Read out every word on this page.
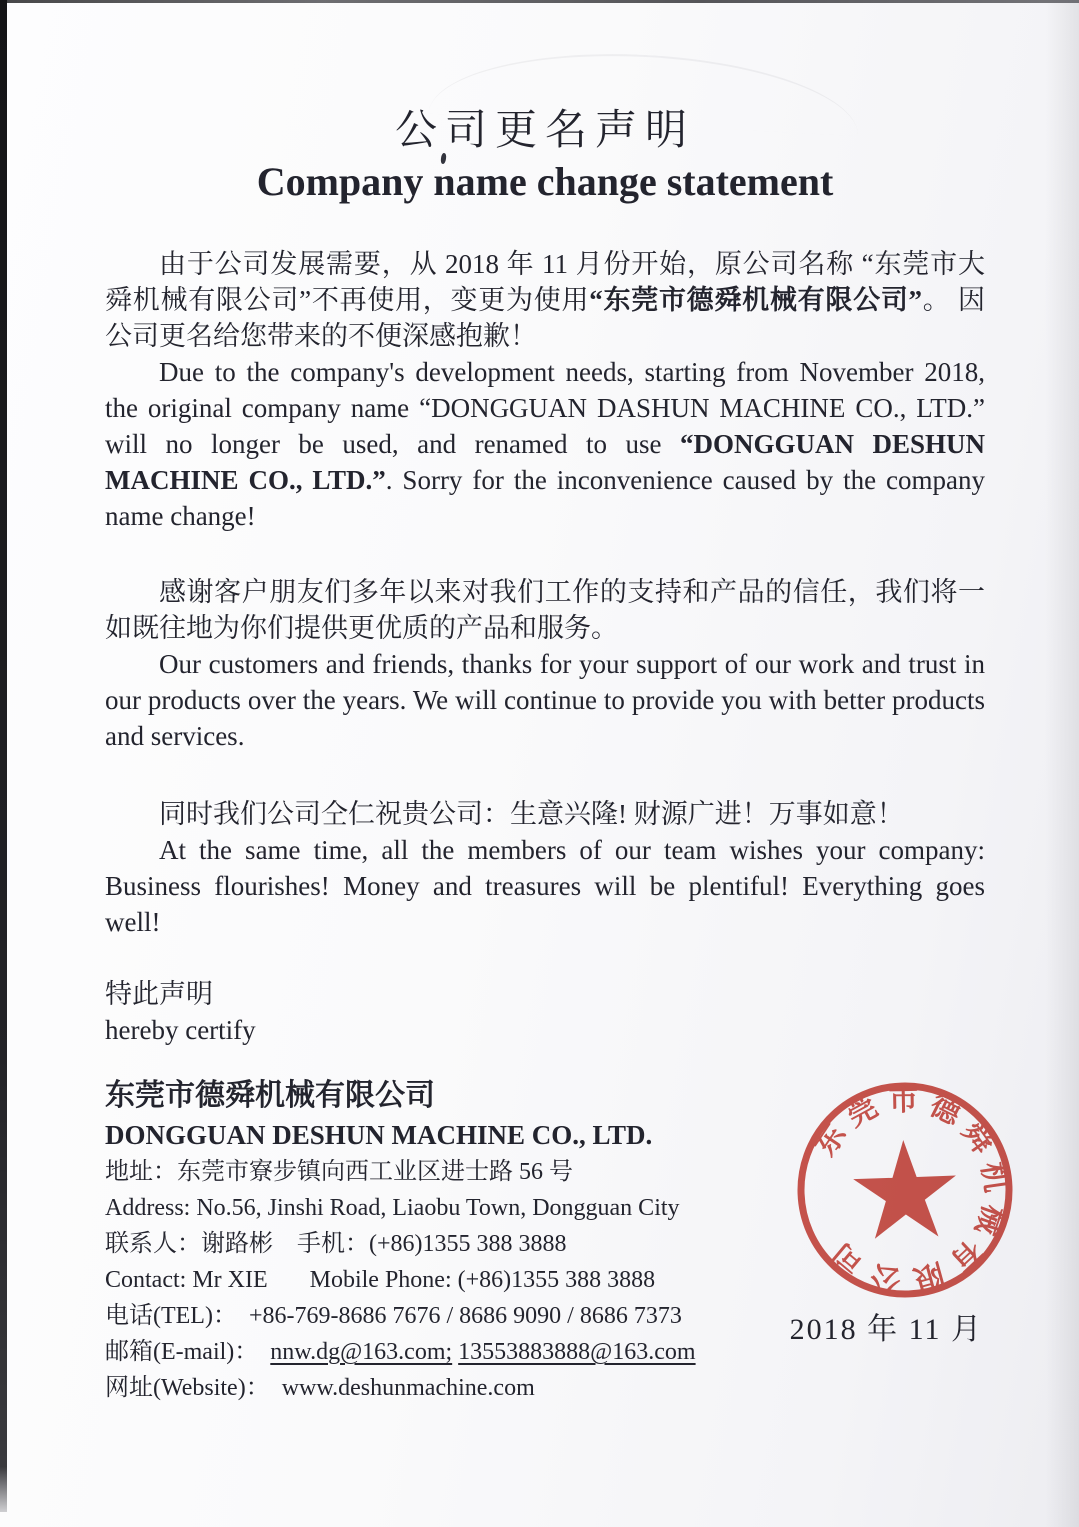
公司更名声明
Company name change statement

由于公司发展需要，从 2018 年 11 月份开始，原公司名称 “东莞市大舜机械有限公司”不再使用，变更为使用“东莞市德舜机械有限公司”。 因公司更名给您带来的不便深感抱歉！

Due to the company's development needs, starting from November 2018, the original company name “DONGGUAN DASHUN MACHINE CO., LTD.” will no longer be used, and renamed to use “DONGGUAN DESHUN MACHINE CO., LTD.”. Sorry for the inconvenience caused by the company name change!

感谢客户朋友们多年以来对我们工作的支持和产品的信任，我们将一如既往地为你们提供更优质的产品和服务。

Our customers and friends, thanks for your support of our work and trust in our products over the years. We will continue to provide you with better products and services.

同时我们公司仝仁祝贵公司：生意兴隆! 财源广进！万事如意！

At the same time, all the members of our team wishes your company: Business flourishes! Money and treasures will be plentiful! Everything goes well!

特此声明
hereby certify
东莞市德舜机械有限公司
DONGGUAN DESHUN MACHINE CO., LTD.
地址：东莞市寮步镇向西工业区进士路 56 号
Address: No.56, Jinshi Road, Liaobu Town, Dongguan City
联系人：谢路彬    手机：(+86)1355 388 3888
Contact: Mr XIE       Mobile Phone: (+86)1355 388 3888
电话(TEL)：  +86-769-8686 7676 / 8686 9090 / 8686 7373
邮箱(E-mail)：  nnw.dg@163.com; 13553883888@163.com
网址(Website)：  www.deshunmachine.com
东莞市德舜机械有限公司
2018 年 11 月
